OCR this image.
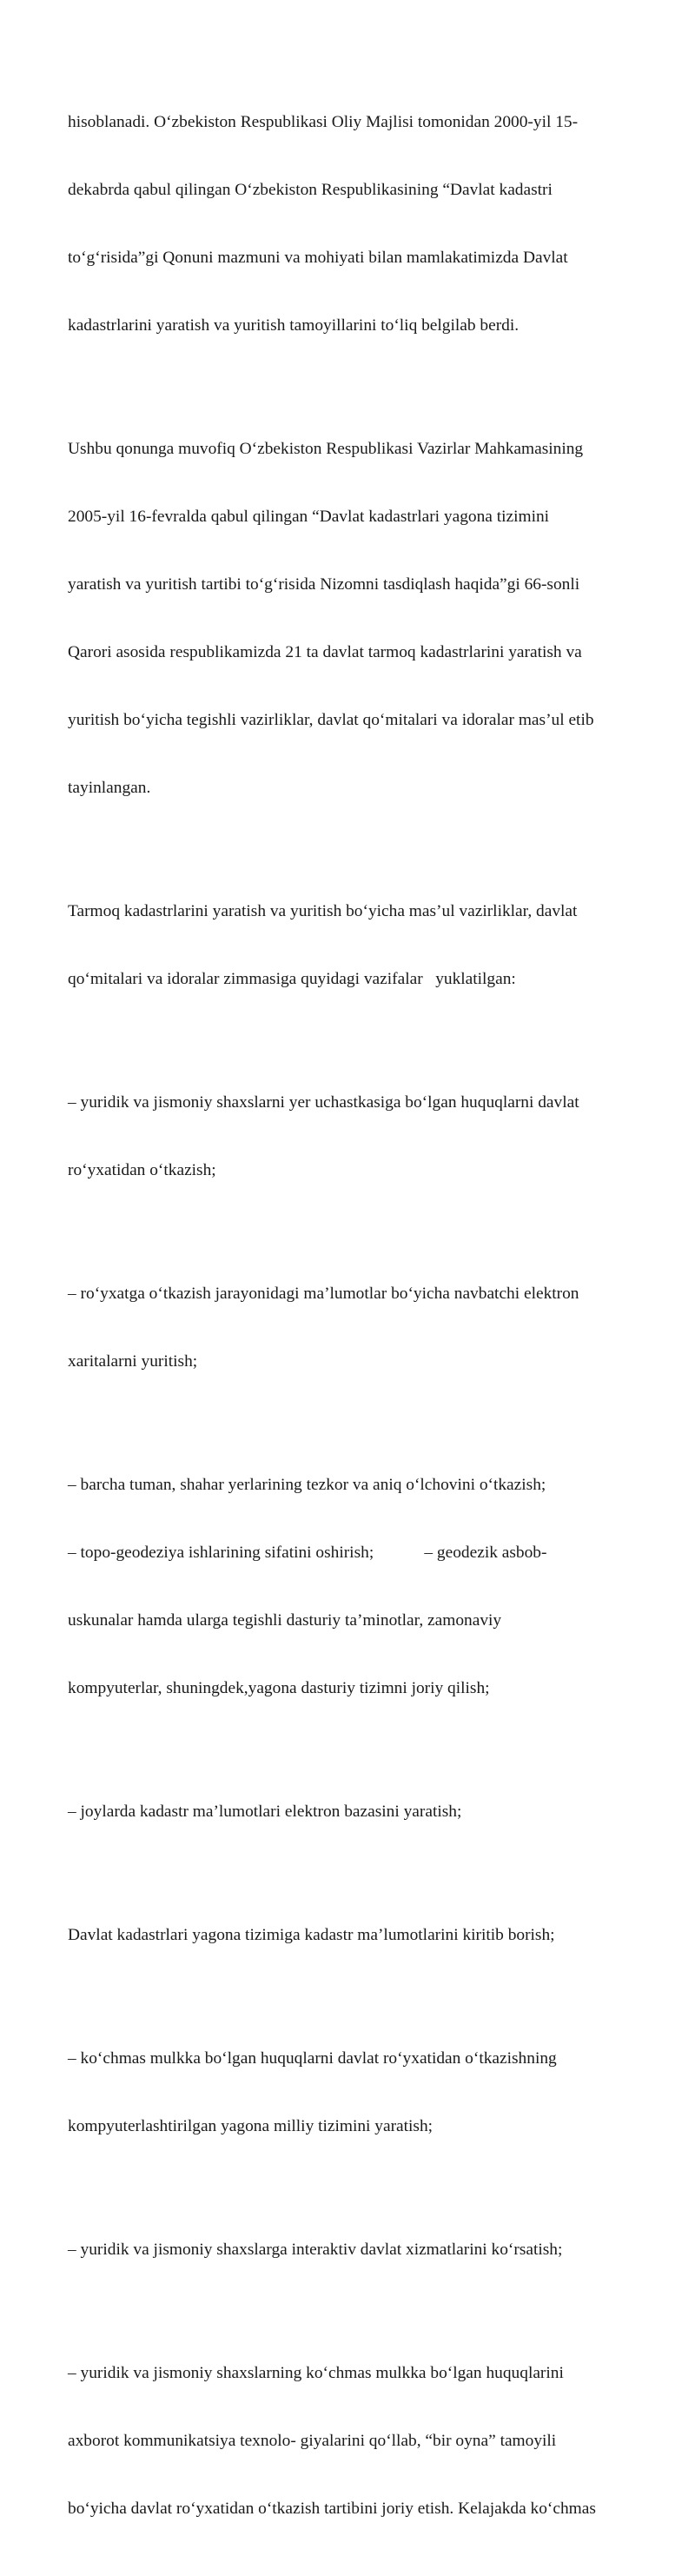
hisoblanadi. O‘zbekiston Respublikasi Oliy Majlisi tomonidan 2000-yil 15-

dekabrda qabul qilingan O‘zbekiston Respublikasining “Davlat kadastri

to‘g‘risida”gi Qonuni mazmuni va mohiyati bilan mamlakatimizda Davlat

kadastrlarini yaratish va yuritish tamoyillarini to‘liq belgilab berdi.

Ushbu qonunga muvofiq O‘zbekiston Respublikasi Vazirlar Mahkamasining

2005-yil 16-fevralda qabul qilingan “Davlat kadastrlari yagona tizimini

yaratish va yuritish tartibi to‘g‘risida Nizomni tasdiqlash haqida”gi 66-sonli

Qarori asosida respublikamizda 21 ta davlat tarmoq kadastrlarini yaratish va

yuritish bo‘yicha tegishli vazirliklar, davlat qo‘mitalari va idoralar mas’ul etib

tayinlangan.

Tarmoq kadastrlarini yaratish va yuritish bo‘yicha mas’ul vazirliklar, davlat

qo‘mitalari va idoralar zimmasiga quyidagi vazifalar   yuklatilgan:

– yuridik va jismoniy shaxslarni yer uchastkasiga bo‘lgan huquqlarni davlat

ro‘yxatidan o‘tkazish;

– ro‘yxatga o‘tkazish jarayonidagi ma’lumotlar bo‘yicha navbatchi elektron

xaritalarni yuritish;

– barcha tuman, shahar yerlarining tezkor va aniq o‘lchovini o‘tkazish;

– topo-geodeziya ishlarining sifatini oshirish;            – geodezik asbob-

uskunalar hamda ularga tegishli dasturiy ta’minotlar, zamonaviy

kompyuterlar, shuningdek,yagona dasturiy tizimni joriy qilish;

– joylarda kadastr ma’lumotlari elektron bazasini yaratish;

Davlat kadastrlari yagona tizimiga kadastr ma’lumotlarini kiritib borish;

– ko‘chmas mulkka bo‘lgan huquqlarni davlat ro‘yxatidan o‘tkazishning

kompyuterlashtirilgan yagona milliy tizimini yaratish;

– yuridik va jismoniy shaxslarga interaktiv davlat xizmatlarini ko‘rsatish;

– yuridik va jismoniy shaxslarning ko‘chmas mulkka bo‘lgan huquqlarini

axborot kommunikatsiya texnolo- giyalarini qo‘llab, “bir oyna” tamoyili

bo‘yicha davlat ro‘yxatidan o‘tkazish tartibini joriy etish. Kelajakda ko‘chmas
